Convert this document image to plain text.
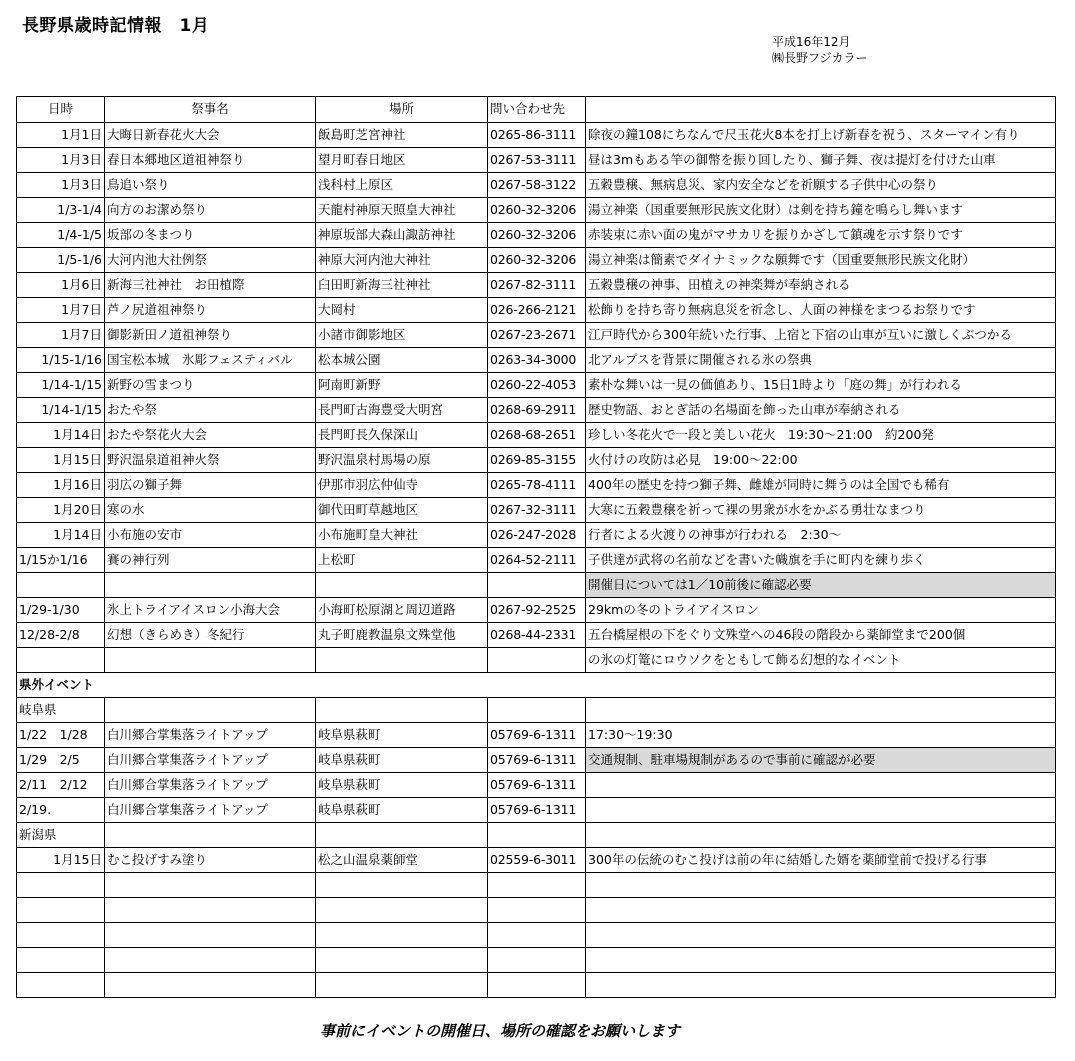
長野県歳時記情報　1月
平成16年12月
㈱長野フジカラー
日時	祭事名	場所	問い合わせ先	
1月1日	大晦日新春花火大会	飯島町芝宮神社	0265-86-3111	除夜の鐘108にちなんで尺玉花火8本を打上げ新春を祝う、スターマイン有り
1月3日	春日本郷地区道祖神祭り	望月町春日地区	0267-53-3111	昼は3mもある竿の御幣を振り回したり、獅子舞、夜は提灯を付けた山車
1月3日	鳥追い祭り	浅科村上原区	0267-58-3122	五穀豊穣、無病息災、家内安全などを祈願する子供中心の祭り
1/3-1/4	向方のお潔め祭り	天龍村神原天照皇大神社	0260-32-3206	湯立神楽（国重要無形民族文化財）は剣を持ち鐘を鳴らし舞います
1/4-1/5	坂部の冬まつり	神原坂部大森山諏訪神社	0260-32-3206	赤装束に赤い面の鬼がマサカリを振りかざして鎮魂を示す祭りです
1/5-1/6	大河内池大社例祭	神原大河内池大神社	0260-32-3206	湯立神楽は簡素でダイナミックな願舞です（国重要無形民族文化財）
1月6日	新海三社神社　お田植際	臼田町新海三社神社	0267-82-3111	五穀豊穣の神事、田植えの神楽舞が奉納される
1月7日	芦ノ尻道祖神祭り	大岡村	026-266-2121	松飾りを持ち寄り無病息災を祈念し、人面の神様をまつるお祭りです
1月7日	御影新田ノ道祖神祭り	小諸市御影地区	0267-23-2671	江戸時代から300年続いた行事、上宿と下宿の山車が互いに激しくぶつかる
1/15-1/16	国宝松本城　氷彫フェスティバル	松本城公園	0263-34-3000	北アルプスを背景に開催される氷の祭典
1/14-1/15	新野の雪まつり	阿南町新野	0260-22-4053	素朴な舞いは一見の価値あり、15日1時より「庭の舞」が行われる
1/14-1/15	おたや祭	長門町古海豊受大明宮	0268-69-2911	歴史物語、おとぎ話の名場面を飾った山車が奉納される
1月14日	おたや祭花火大会	長門町長久保深山	0268-68-2651	珍しい冬花火で一段と美しい花火　19:30～21:00　約200発
1月15日	野沢温泉道祖神火祭	野沢温泉村馬場の原	0269-85-3155	火付けの攻防は必見　19:00～22:00
1月16日	羽広の獅子舞	伊那市羽広仲仙寺	0265-78-4111	400年の歴史を持つ獅子舞、雌雄が同時に舞うのは全国でも稀有
1月20日	寒の水	御代田町草越地区	0267-32-3111	大寒に五穀豊穣を祈って裸の男衆が水をかぶる勇壮なまつり
1月14日	小布施の安市	小布施町皇大神社	026-247-2028	行者による火渡りの神事が行われる　2:30～
1/15か1/16	賽の神行列	上松町	0264-52-2111	子供達が武将の名前などを書いた幟旗を手に町内を練り歩く
				開催日については1／10前後に確認必要
1/29-1/30	氷上トライアイスロン小海大会	小海町松原湖と周辺道路	0267-92-2525	29kmの冬のトライアイスロン
12/28-2/8	幻想（きらめき）冬紀行	丸子町鹿教温泉文殊堂他	0268-44-2331	五台橋屋根の下をぐり文殊堂への46段の階段から薬師堂まで200個
				の氷の灯篭にロウソクをともして飾る幻想的なイベント
県外イベント				
岐阜県				
1/22　1/28	白川郷合掌集落ライトアップ	岐阜県萩町	05769-6-1311	17:30～19:30
1/29　2/5	白川郷合掌集落ライトアップ	岐阜県萩町	05769-6-1311	交通規制、駐車場規制があるので事前に確認が必要
2/11　2/12	白川郷合掌集落ライトアップ	岐阜県萩町	05769-6-1311	
2/19.	白川郷合掌集落ライトアップ	岐阜県萩町	05769-6-1311	
新潟県				
1月15日	むこ投げすみ塗り	松之山温泉薬師堂	02559-6-3011	300年の伝統のむこ投げは前の年に結婚した婿を薬師堂前で投げる行事

事前にイベントの開催日、場所の確認をお願いします
